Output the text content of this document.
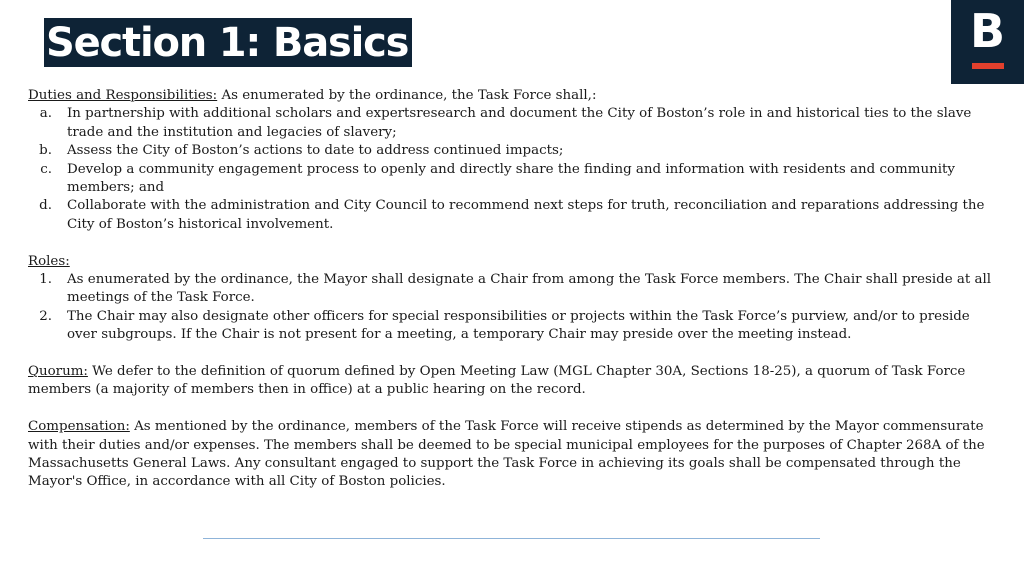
Section 1: Basics	B

Duties and Responsibilities: As enumerated by the ordinance, the Task Force shall,:

a. In partnership with additional scholars and expertsresearch and document the City of Boston’s role in and historical ties to the slave trade and the institution and legacies of slavery;
b. Assess the City of Boston’s actions to date to address continued impacts;
c. Develop a community engagement process to openly and directly share the finding and information with residents and community members; and
d. Collaborate with the administration and City Council to recommend next steps for truth, reconciliation and reparations addressing the City of Boston’s historical involvement.

Roles:

1. As enumerated by the ordinance, the Mayor shall designate a Chair from among the Task Force members. The Chair shall preside at all meetings of the Task Force.
2. The Chair may also designate other officers for special responsibilities or projects within the Task Force’s purview, and/or to preside over subgroups. If the Chair is not present for a meeting, a temporary Chair may preside over the meeting instead.

Quorum: We defer to the definition of quorum defined by Open Meeting Law (MGL Chapter 30A, Sections 18-25), a quorum of Task Force members (a majority of members then in office) at a public hearing on the record.

Compensation: As mentioned by the ordinance, members of the Task Force will receive stipends as determined by the Mayor commensurate with their duties and/or expenses. The members shall be deemed to be special municipal employees for the purposes of Chapter 268A of the Massachusetts General Laws. Any consultant engaged to support the Task Force in achieving its goals shall be compensated through the Mayor's Office, in accordance with all City of Boston policies.
